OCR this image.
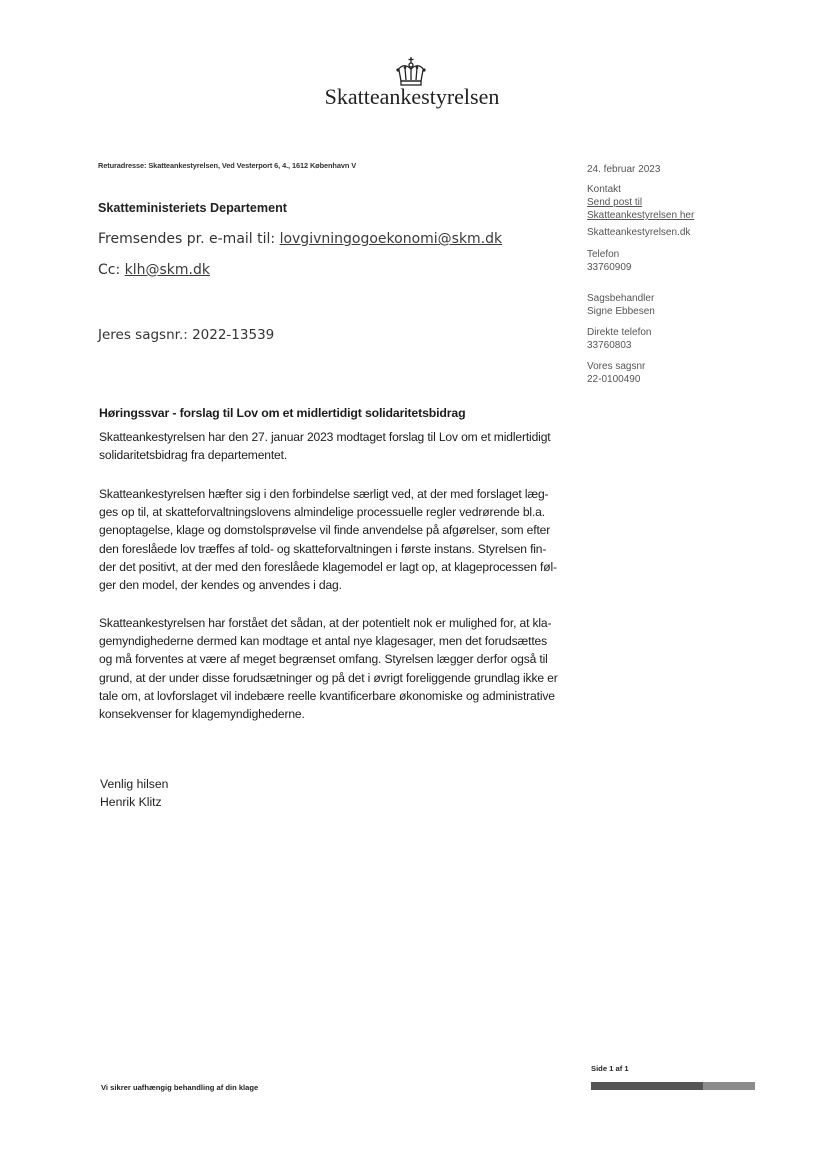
Skatteankestyrelsen
Returadresse: Skatteankestyrelsen, Ved Vesterport 6, 4., 1612 København V	24. februar 2023
Kontakt
Send post til
Skatteankestyrelsen her
Skatteankestyrelsen.dk
Telefon
33760909
Sagsbehandler
Signe Ebbesen
Direkte telefon
33760803
Vores sagsnr
22-0100490
Skatteministeriets Departement
Fremsendes pr. e-mail til: lovgivningogoekonomi@skm.dk
Cc: klh@skm.dk
Jeres sagsnr.: 2022-13539
Høringssvar - forslag til Lov om et midlertidigt solidaritetsbidrag
Skatteankestyrelsen har den 27. januar 2023 modtaget forslag til Lov om et midlertidigt
solidaritetsbidrag fra departementet.
Skatteankestyrelsen hæfter sig i den forbindelse særligt ved, at der med forslaget læg-
ges op til, at skatteforvaltningslovens almindelige processuelle regler vedrørende bl.a.
genoptagelse, klage og domstolsprøvelse vil finde anvendelse på afgørelser, som efter
den foreslåede lov træffes af told- og skatteforvaltningen i første instans. Styrelsen fin-
der det positivt, at der med den foreslåede klagemodel er lagt op, at klageprocessen føl-
ger den model, der kendes og anvendes i dag.
Skatteankestyrelsen har forstået det sådan, at der potentielt nok er mulighed for, at kla-
gemyndighederne dermed kan modtage et antal nye klagesager, men det forudsættes
og må forventes at være af meget begrænset omfang. Styrelsen lægger derfor også til
grund, at der under disse forudsætninger og på det i øvrigt foreliggende grundlag ikke er
tale om, at lovforslaget vil indebære reelle kvantificerbare økonomiske og administrative
konsekvenser for klagemyndighederne.
Venlig hilsen
Henrik Klitz
Side 1 af 1
Vi sikrer uafhængig behandling af din klage
